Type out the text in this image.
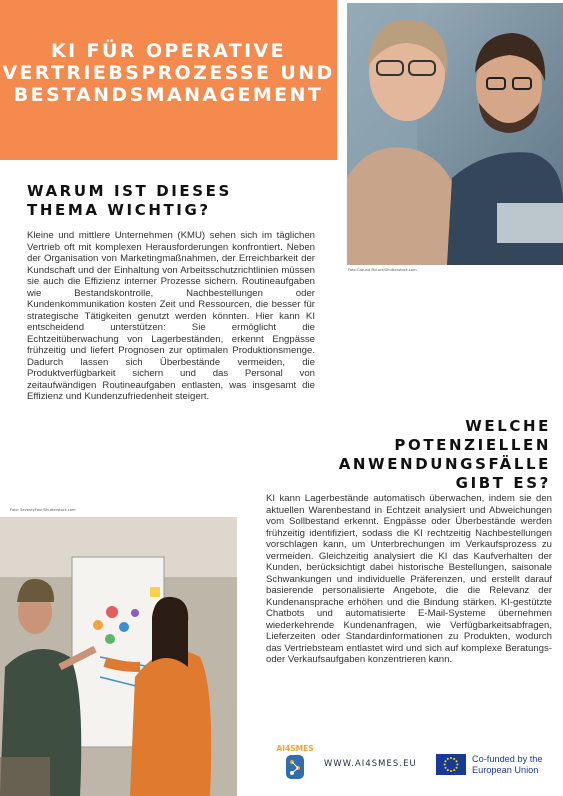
KI FÜR OPERATIVE
VERTRIEBSPROZESSE UND
BESTANDSMANAGEMENT
Foto:Ground Picture/Shutterstock.com
WARUM IST DIESES
THEMA WICHTIG?

Kleine und mittlere Unternehmen (KMU) sehen sich im täglichen Vertrieb oft mit komplexen Herausforderungen konfrontiert. Neben der Organisation von Marketingmaßnahmen, der Erreichbarkeit der Kundschaft und der Einhaltung von Arbeitsschutzrichtlinien müssen sie auch die Effizienz interner Prozesse sichern. Routineaufgaben wie Bestandskontrolle, Nachbestellungen oder Kundenkommunikation kosten Zeit und Ressourcen, die besser für strategische Tätigkeiten genutzt werden könnten. Hier kann KI entscheidend unterstützen: Sie ermöglicht die Echtzeitüberwachung von Lagerbeständen, erkennt Engpässe frühzeitig und liefert Prognosen zur optimalen Produktionsmenge. Dadurch lassen sich Überbestände vermeiden, die Produktverfügbarkeit sichern und das Personal von zeitaufwändigen Routineaufgaben entlasten, was insgesamt die Effizienz und Kundenzufriedenheit steigert.

WELCHE
POTENZIELLEN
ANWENDUNGSFÄLLE
GIBT ES?

KI kann Lagerbestände automatisch überwachen, indem sie den aktuellen Warenbestand in Echtzeit analysiert und Abweichungen vom Sollbestand erkennt. Engpässe oder Überbestände werden frühzeitig identifiziert, sodass die KI rechtzeitig Nachbestellungen vorschlagen kann, um Unterbrechungen im Verkaufsprozess zu vermeiden. Gleichzeitig analysiert die KI das Kaufverhalten der Kunden, berücksichtigt dabei historische Bestellungen, saisonale Schwankungen und individuelle Präferenzen, und erstellt darauf basierende personalisierte Angebote, die die Relevanz der Kundenansprache erhöhen und die Bindung stärken. KI-gestützte Chatbots und automatisierte E-Mail-Systeme übernehmen wiederkehrende Kundenanfragen, wie Verfügbarkeitsabfragen, Lieferzeiten oder Standardinformationen zu Produkten, wodurch das Vertriebsteam entlastet wird und sich auf komplexe Beratungs- oder Verkaufsaufgaben konzentrieren kann.

Foto: SeventyFour/Shutterstock.com
AI4SMES
WWW.AI4SMES.EU	Co-funded by the
European Union
